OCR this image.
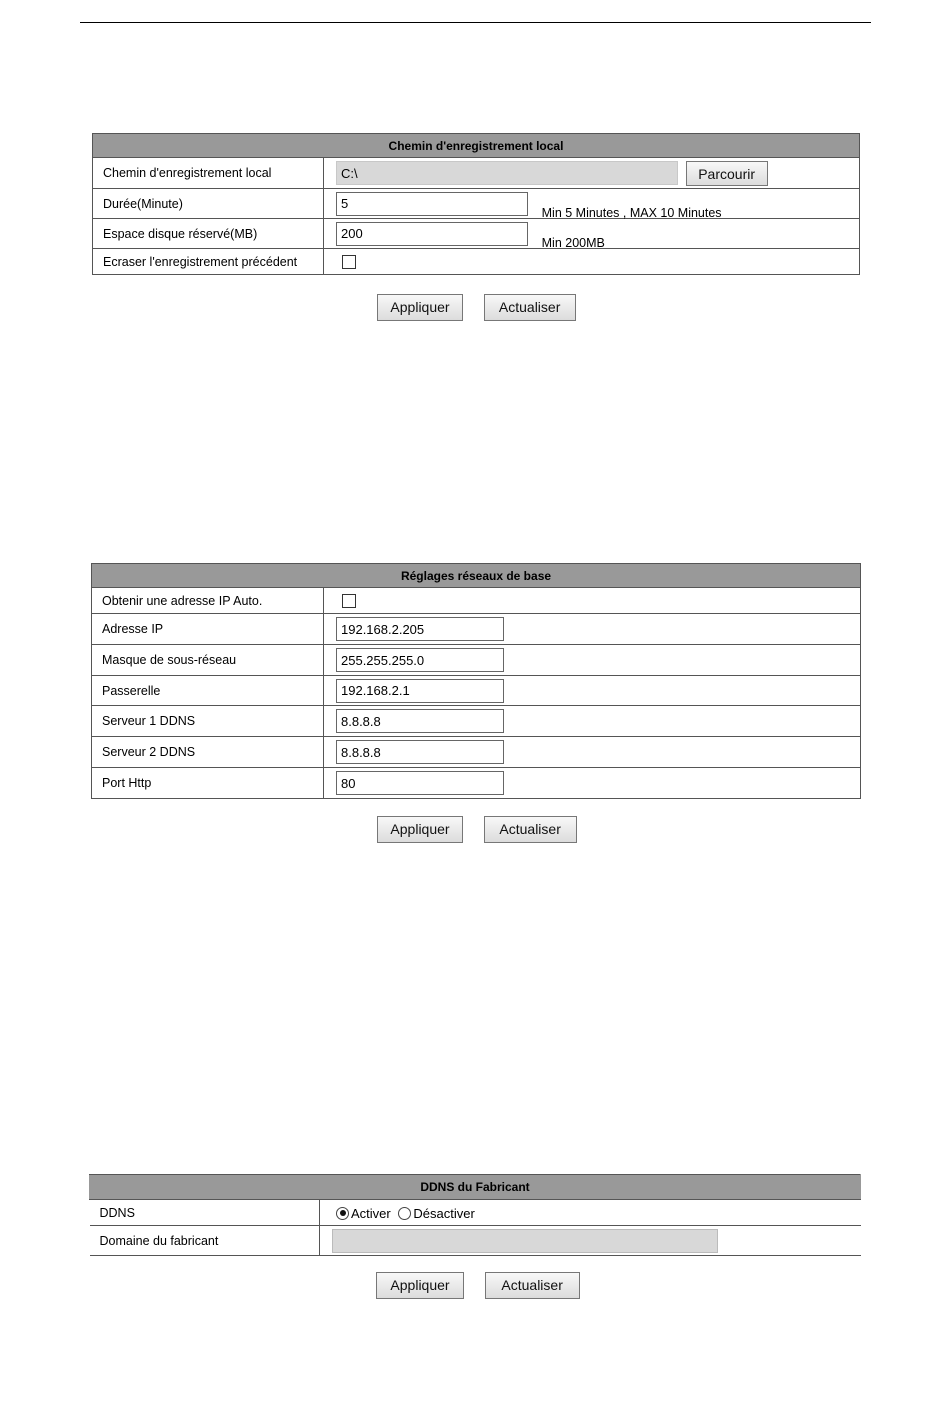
Chemin d'enregistrement local	
Chemin d'enregistrement local	C:\Parcourir
Durée(Minute)	5 Min 5 Minutes , MAX 10 Minutes
Espace disque réservé(MB)	200 Min 200MB
Ecraser l'enregistrement précédent	
Appliquer	Actualiser
Réglages réseaux de base	
Obtenir une adresse IP Auto.	
Adresse IP	192.168.2.205
Masque de sous-réseau	255.255.255.0
Passerelle	192.168.2.1
Serveur 1 DDNS	8.8.8.8
Serveur 2 DDNS	8.8.8.8
Port Http	80
Appliquer	Actualiser
DDNS du Fabricant	
DDNS	Activer Désactiver
Domaine du fabricant	
Appliquer	Actualiser
